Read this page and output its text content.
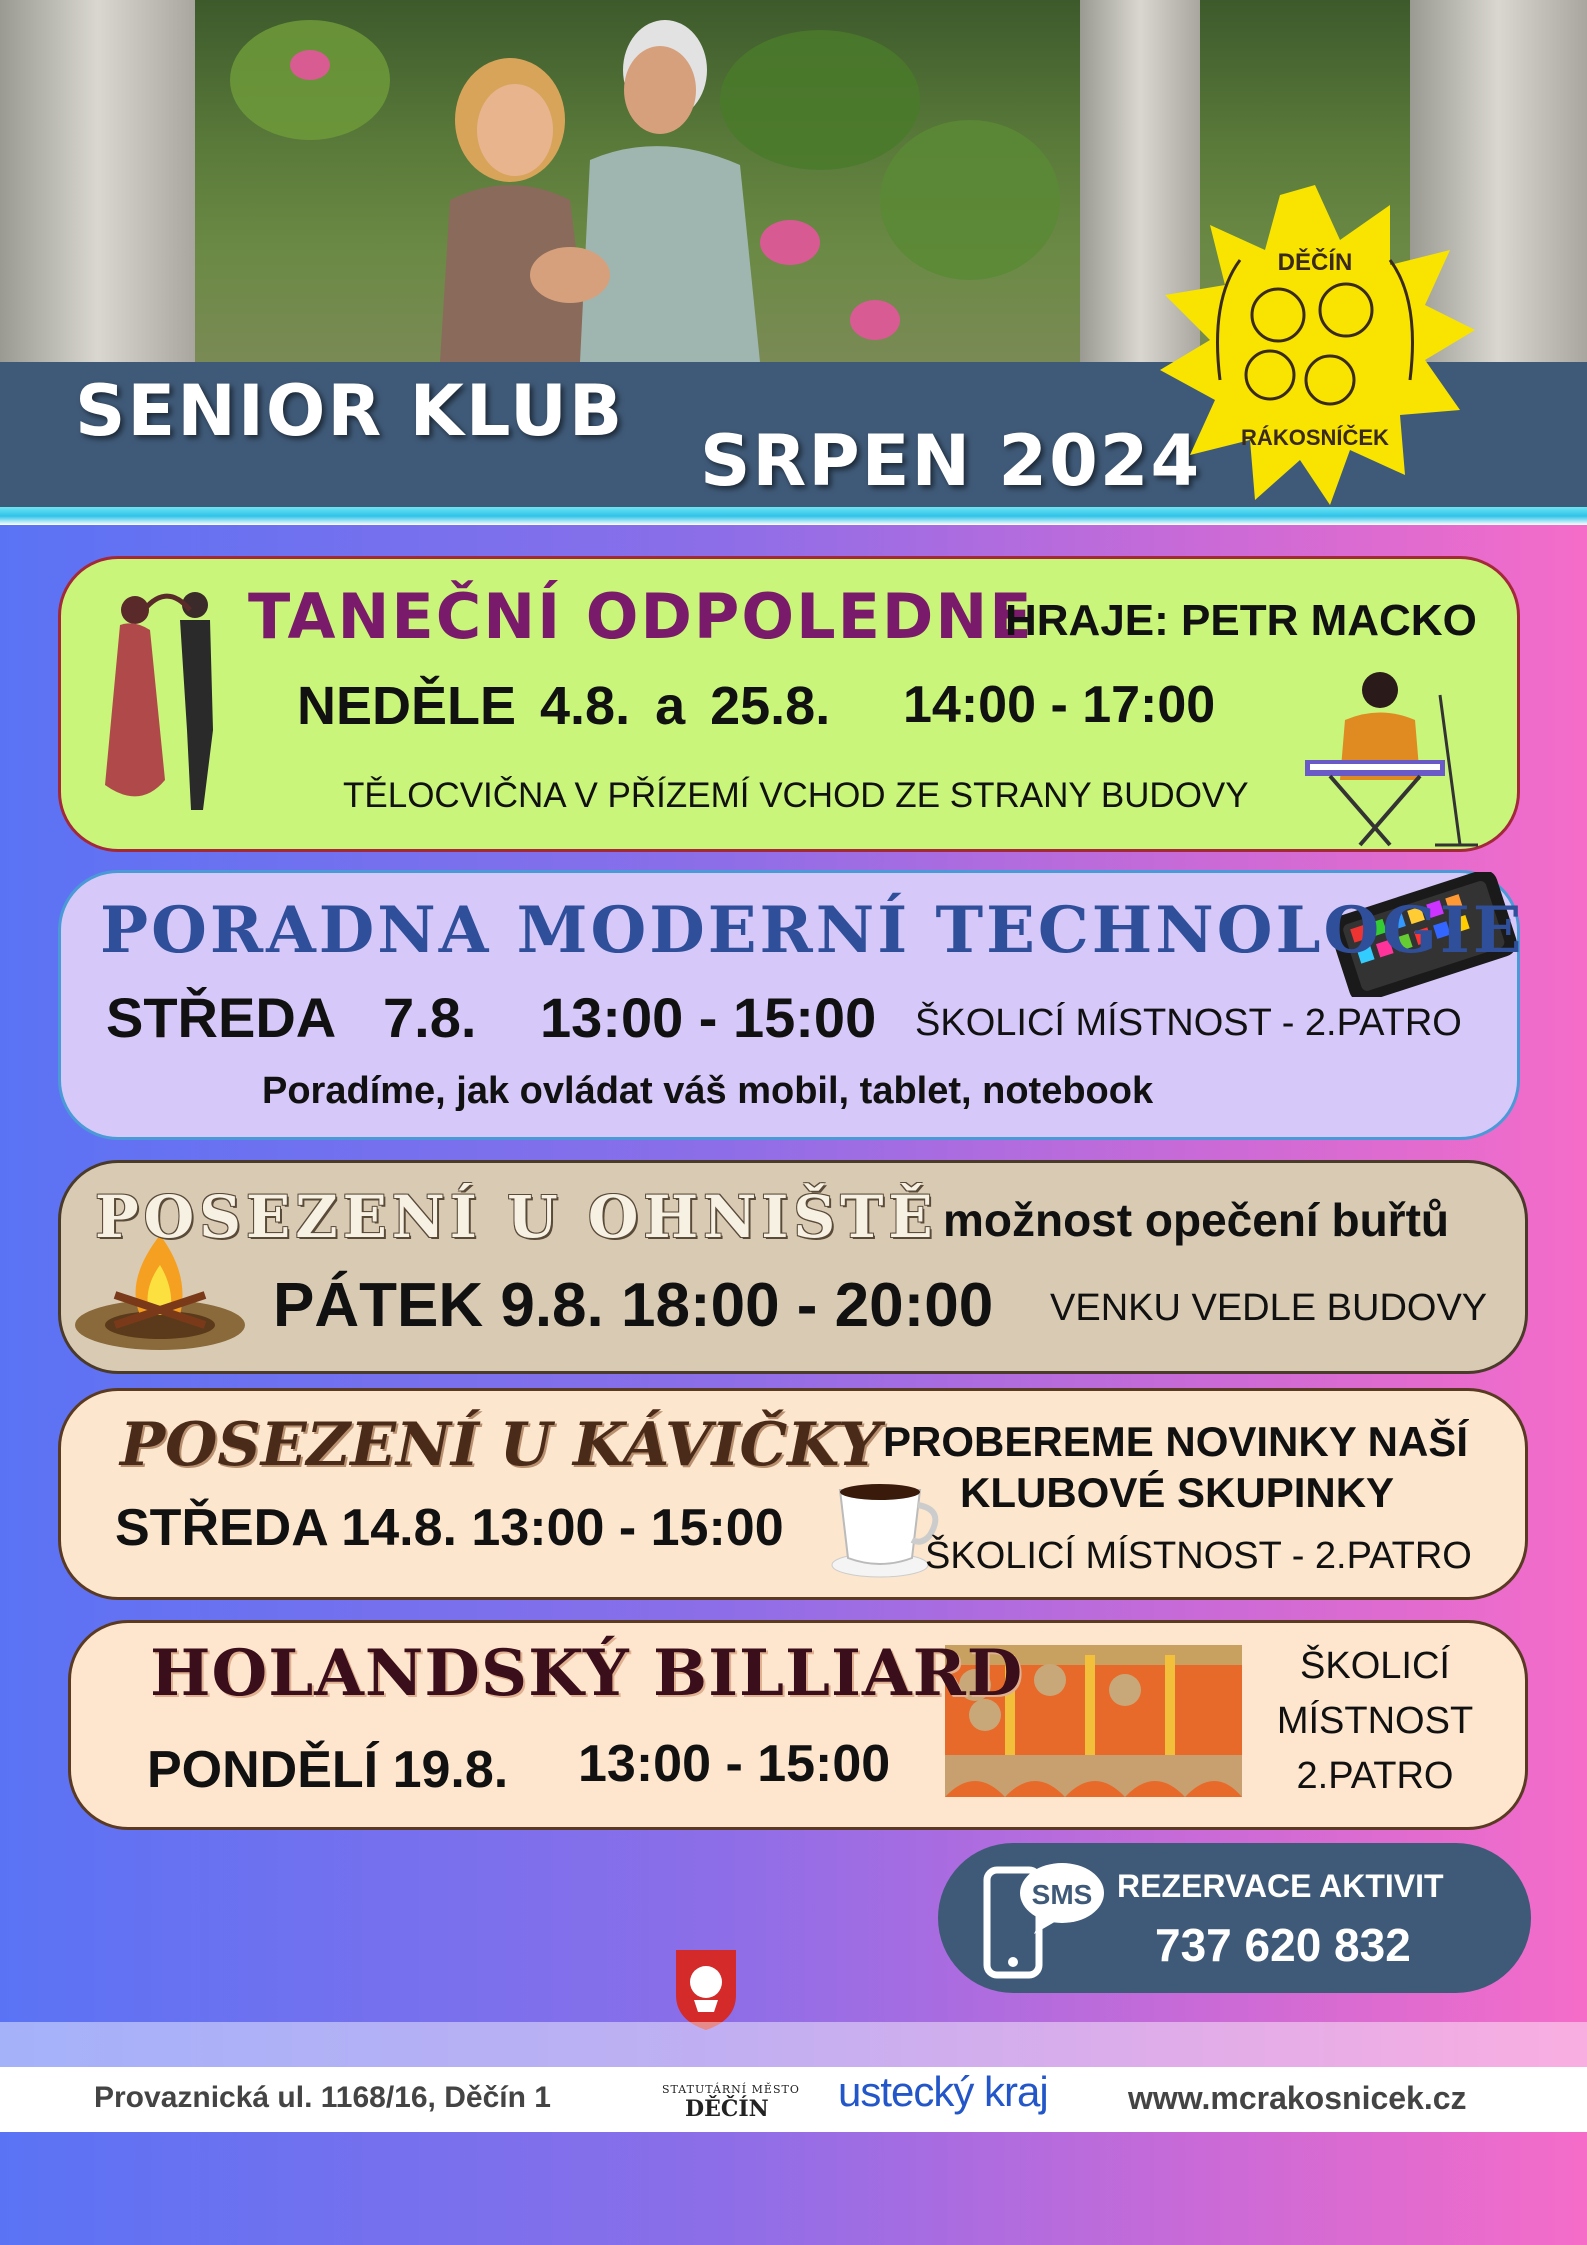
SENIOR KLUB
SRPEN 2024
DĚČÍN
RÁKOSNÍČEK
TANEČNÍ ODPOLEDNE
HRAJE: PETR MACKO
NEDĚLE 4.8. a 25.8. 14:00 - 17:00
TĚLOCVIČNA V PŘÍZEMÍ VCHOD ZE STRANY BUDOVY
PORADNA MODERNÍ TECHNOLOGIE
STŘEDA 7.8. 13:00 - 15:00 ŠKOLICÍ MÍSTNOST - 2.PATRO
Poradíme, jak ovládat váš mobil, tablet, notebook
POSEZENÍ U OHNIŠTĚ možnost opečení buřtů
PÁTEK 9.8. 18:00 - 20:00 VENKU VEDLE BUDOVY
POSEZENÍ U KÁVIČKY PROBEREME NOVINKY NAŠÍ
KLUBOVÉ SKUPINKY
STŘEDA 14.8. 13:00 - 15:00	ŠKOLICÍ MÍSTNOST - 2.PATRO
HOLANDSKÝ BILLIARD
PONDĚLÍ 19.8. 13:00 - 15:00
ŠKOLICÍ
MÍSTNOST
2.PATRO
SMS REZERVACE AKTIVIT
737 620 832
Provaznická ul. 1168/16, Děčín 1	STATUTÁRNÍ MĚSTO
DĚČÍN ustecký kraj	www.mcrakosnicek.cz
